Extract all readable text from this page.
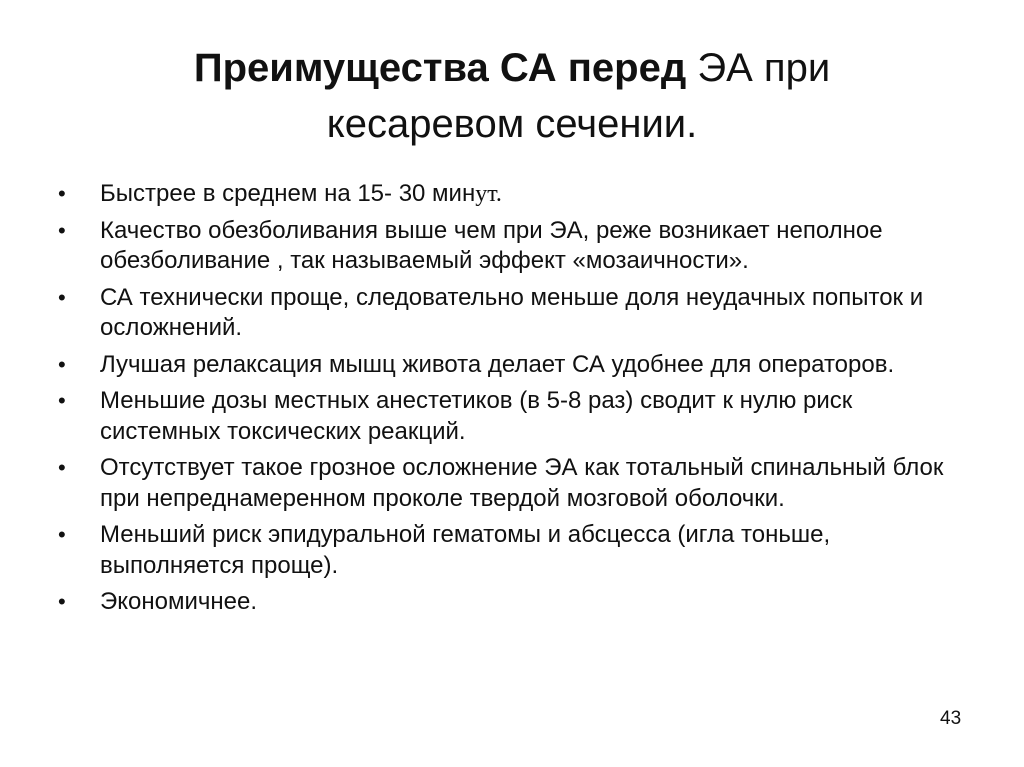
Преимущества СА перед ЭА при
кесаревом сечении.
•	Быстрее в среднем на 15- 30 минут.
•	Качество обезболивания выше чем при ЭА, реже возникает неполное обезболивание , так называемый эффект «мозаичности».
•	СА технически проще, следовательно меньше доля неудачных попыток и осложнений.
•	Лучшая релаксация мышц живота делает СА удобнее для операторов.
•	Меньшие дозы местных анестетиков (в 5-8 раз) сводит к нулю риск системных токсических реакций.
•	Отсутствует такое грозное осложнение ЭА как тотальный спинальный блок при непреднамеренном проколе твердой мозговой оболочки.
•	Меньший риск эпидуральной гематомы и абсцесса (игла тоньше, выполняется проще).
•	Экономичнее.
43
